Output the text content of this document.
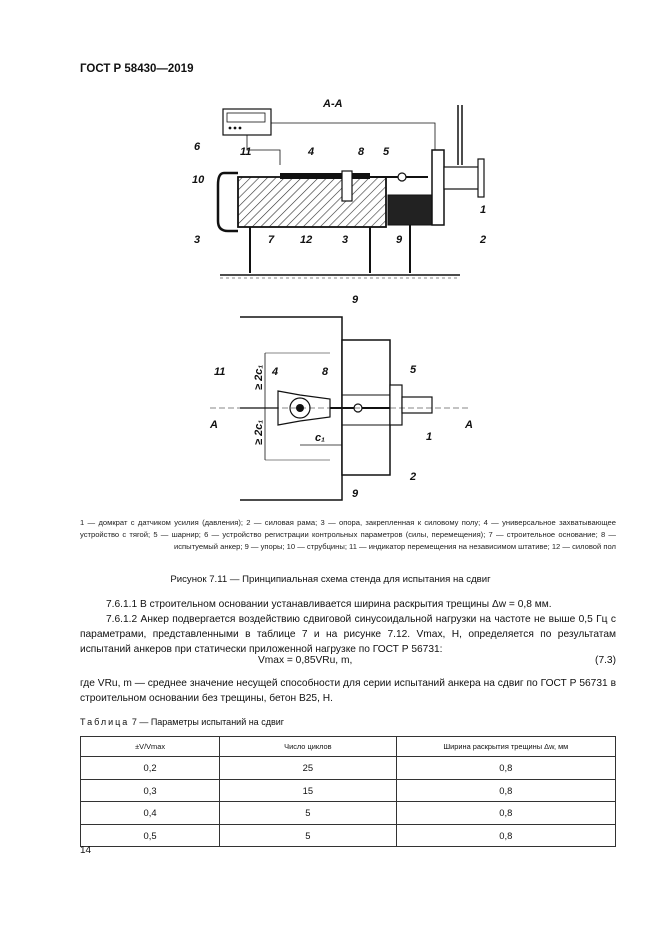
ГОСТ Р 58430—2019
А-А
6	11	4	8 5
10
1
3	7 12	3	9	2
≥ 2c₁
≥ 2c₁	c₁
9
11	4	8	5
1
2
9
А	А
1 — домкрат с датчиком усилия (давления); 2 — силовая рама; 3 — опора, закрепленная к силовому полу; 4 — универсальное захватывающее устройство с тягой; 5 — шарнир; 6 — устройство регистрации контрольных параметров (силы, перемещения); 7 — строительное основание; 8 — испытуемый анкер; 9 — упоры; 10 — струбцины; 11 — индикатор перемещения на независимом штативе; 12 — силовой пол
Рисунок 7.11 — Принципиальная схема стенда для испытания на сдвиг
7.6.1.1 В строительном основании устанавливается ширина раскрытия трещины Δw = 0,8 мм.
7.6.1.2 Анкер подвергается воздействию сдвиговой синусоидальной нагрузки на частоте не выше 0,5 Гц с параметрами, представленными в таблице 7 и на рисунке 7.12. Vmax, Н, определяется по результатам испытаний анкеров при статически приложенной нагрузке по ГОСТ Р 56731:
Vmax = 0,85VRu, m,	(7.3)
где VRu, m — среднее значение несущей способности для серии испытаний анкера на сдвиг по ГОСТ Р 56731 в строительном основании без трещины, бетон В25, Н.
Таблица 7 — Параметры испытаний на сдвиг
±V/Vmax	Число циклов	Ширина раскрытия трещины Δw, мм
0,2	25	0,8
0,3	15	0,8
0,4	5	0,8
0,5	5	0,8
14
